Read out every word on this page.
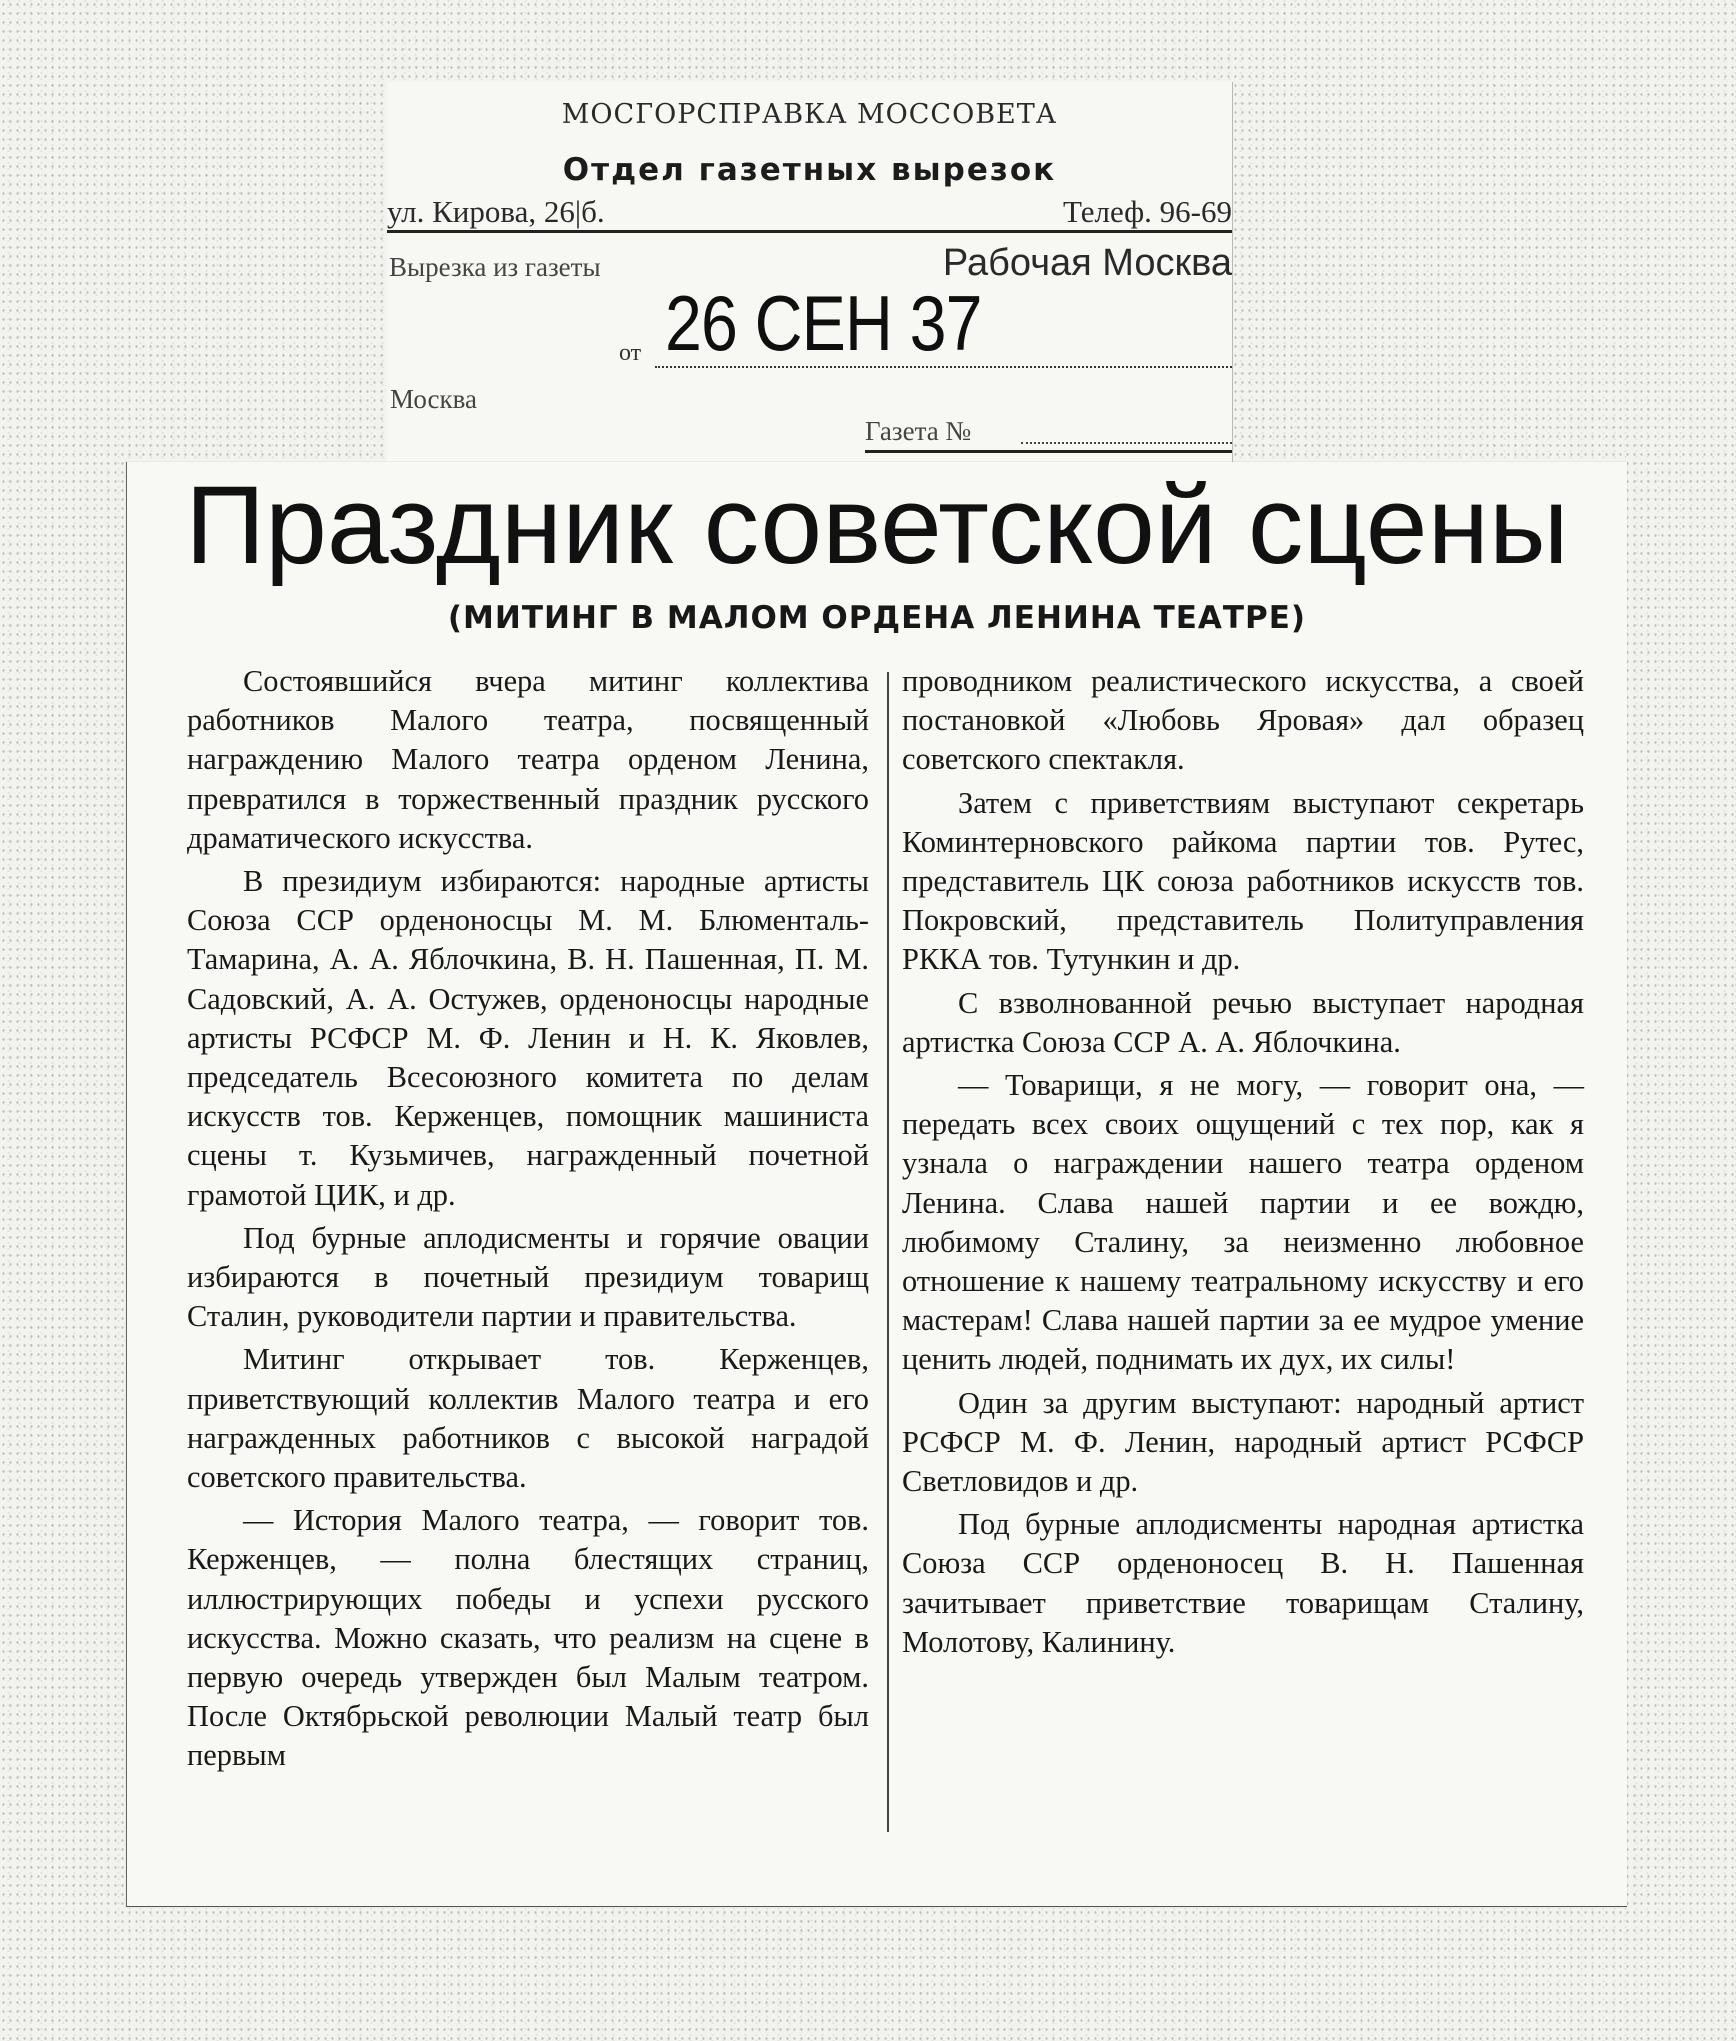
МОСГОРСПРАВКА МОССОВЕТА
Отдел газетных вырезок
ул. Кирова, 26|б.	Телеф. 96-69
Вырезка из газеты	Рабочая Москва
от 26 СЕН 37
Москва
Газета №
Праздник советской сцены
(МИТИНГ В МАЛОМ ОРДЕНА ЛЕНИНА ТЕАТРЕ)

Состоявшийся вчера митинг коллектива работников Малого театра, посвященный награждению Малого театра орденом Ленина, превратился в торжественный праздник русского драматического искусства.

В президиум избираются: народные артисты Союза ССР орденоносцы М. М. Блюменталь-Тамарина, А. А. Яблочкина, В. Н. Пашенная, П. М. Садовский, А. А. Остужев, орденоносцы народные артисты РСФСР М. Ф. Ленин и Н. К. Яковлев, председатель Всесоюзного комитета по делам искусств тов. Керженцев, помощник машиниста сцены т. Кузьмичев, награжденный почетной грамотой ЦИК, и др.

Под бурные аплодисменты и горячие овации избираются в почетный президиум товарищ Сталин, руководители партии и правительства.

Митинг открывает тов. Керженцев, приветствующий коллектив Малого театра и его награжденных работников с высокой наградой советского правительства.

— История Малого театра, — говорит тов. Керженцев, — полна блестящих страниц, иллюстрирующих победы и успехи русского искусства. Можно сказать, что реализм на сцене в первую очередь утвержден был Малым театром. После Октябрьской революции Малый театр был первым

проводником реалистического искусства, а своей постановкой «Любовь Яровая» дал образец советского спектакля.

Затем с приветствиям выступают секретарь Коминтерновского райкома партии тов. Рутес, представитель ЦК союза работников искусств тов. Покровский, представитель Политуправления РККА тов. Тутункин и др.

С взволнованной речью выступает народная артистка Союза ССР А. А. Яблочкина.

— Товарищи, я не могу, — говорит она, — передать всех своих ощущений с тех пор, как я узнала о награждении нашего театра орденом Ленина. Слава нашей партии и ее вождю, любимому Сталину, за неизменно любовное отношение к нашему театральному искусству и его мастерам! Слава нашей партии за ее мудрое умение ценить людей, поднимать их дух, их силы!

Один за другим выступают: народный артист РСФСР М. Ф. Ленин, народный артист РСФСР Светловидов и др.

Под бурные аплодисменты народная артистка Союза ССР орденоносец В. Н. Пашенная зачитывает приветствие товарищам Сталину, Молотову, Калинину.
